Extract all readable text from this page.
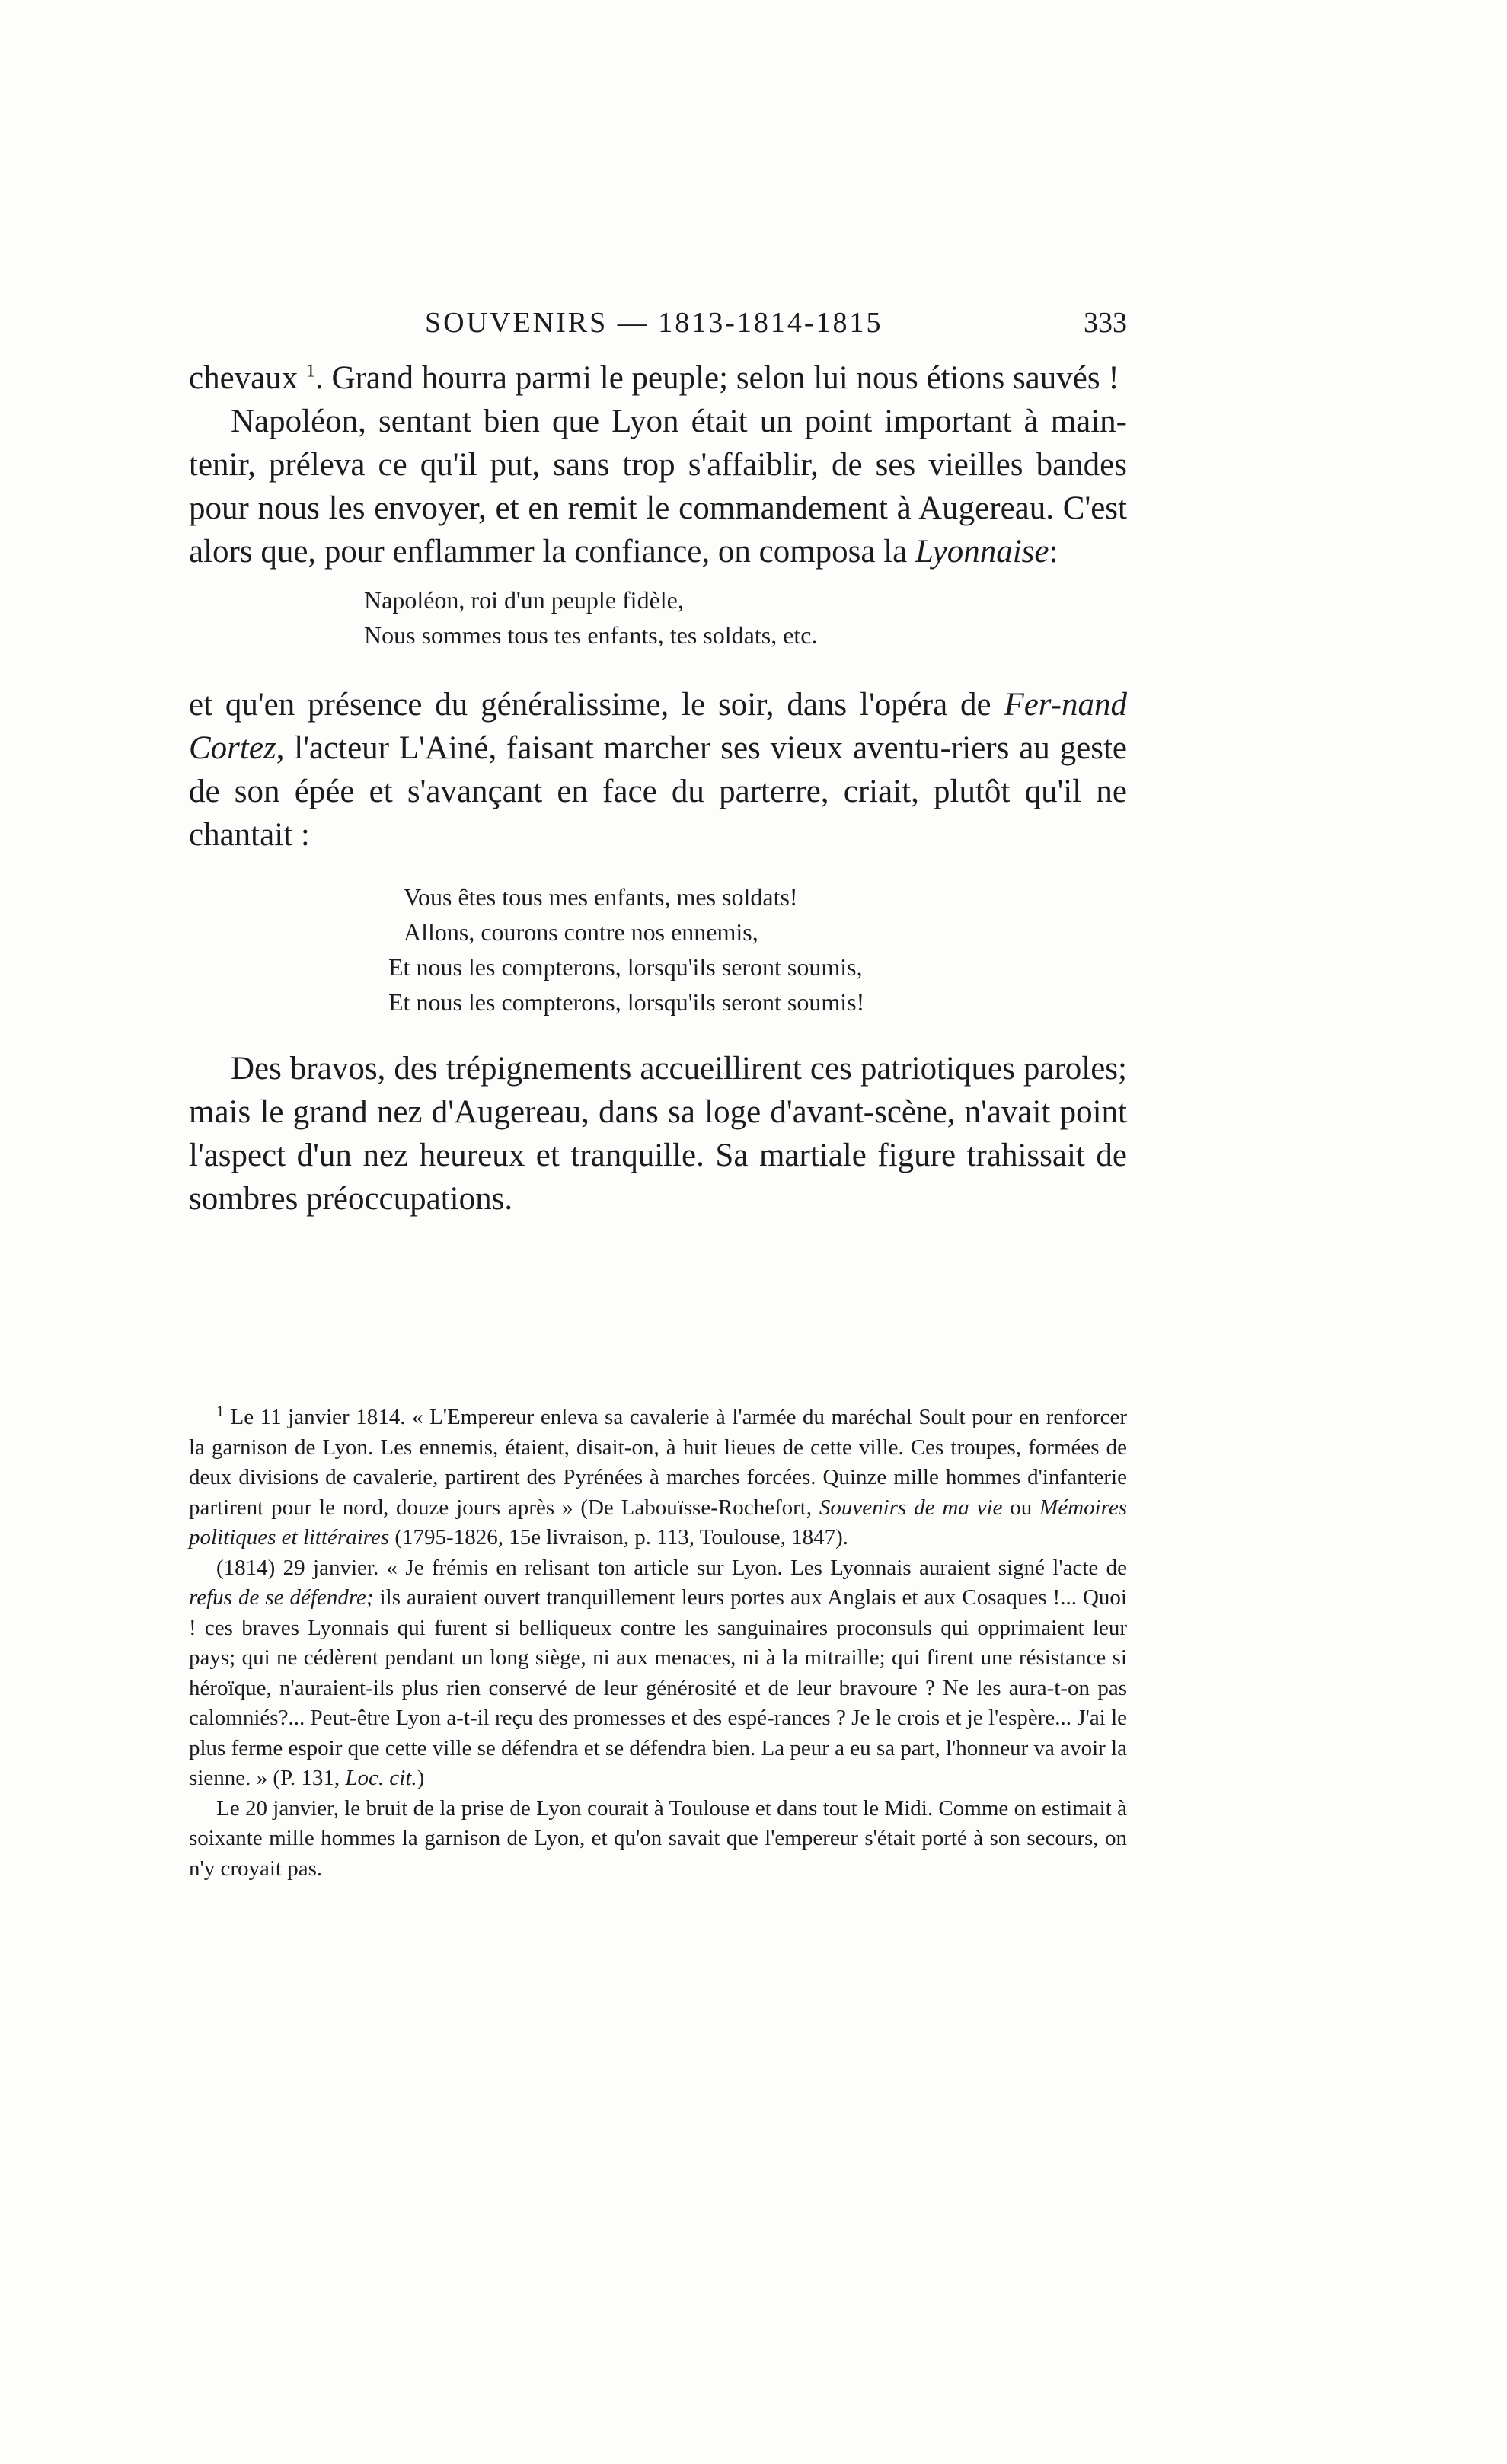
SOUVENIRS — 1813-1814-1815	333

chevaux $^1$. Grand hourra parmi le peuple; selon lui nous étions sauvés !

Napoléon, sentant bien que Lyon était un point important à main-tenir, préleva ce qu'il put, sans trop s'affaiblir, de ses vieilles bandes pour nous les envoyer, et en remit le commandement à Augereau. C'est alors que, pour enflammer la confiance, on composa la Lyonnaise:

Napoléon, roi d'un peuple fidèle,
Nous sommes tous tes enfants, tes soldats, etc.

et qu'en présence du généralissime, le soir, dans l'opéra de Fer-nand Cortez, l'acteur L'Ainé, faisant marcher ses vieux aventu-riers au geste de son épée et s'avançant en face du parterre, criait, plutôt qu'il ne chantait :

Vous êtes tous mes enfants, mes soldats!
Allons, courons contre nos ennemis,
Et nous les compterons, lorsqu'ils seront soumis,
Et nous les compterons, lorsqu'ils seront soumis!

Des bravos, des trépignements accueillirent ces patriotiques paroles; mais le grand nez d'Augereau, dans sa loge d'avant-scène, n'avait point l'aspect d'un nez heureux et tranquille. Sa martiale figure trahissait de sombres préoccupations.

$^1$ Le 11 janvier 1814. « L'Empereur enleva sa cavalerie à l'armée du maréchal Soult pour en renforcer la garnison de Lyon. Les ennemis, étaient, disait-on, à huit lieues de cette ville. Ces troupes, formées de deux divisions de cavalerie, partirent des Pyrénées à marches forcées. Quinze mille hommes d'infanterie partirent pour le nord, douze jours après » (De Labouïsse-Rochefort, Souvenirs de ma vie ou Mémoires politiques et littéraires (1795-1826, 15e livraison, p. 113, Toulouse, 1847).

(1814) 29 janvier. « Je frémis en relisant ton article sur Lyon. Les Lyonnais auraient signé l'acte de refus de se défendre; ils auraient ouvert tranquillement leurs portes aux Anglais et aux Cosaques !... Quoi ! ces braves Lyonnais qui furent si belliqueux contre les sanguinaires proconsuls qui opprimaient leur pays; qui ne cédèrent pendant un long siège, ni aux menaces, ni à la mitraille; qui firent une résistance si héroïque, n'auraient-ils plus rien conservé de leur générosité et de leur bravoure ? Ne les aura-t-on pas calomniés?... Peut-être Lyon a-t-il reçu des promesses et des espé-rances ? Je le crois et je l'espère... J'ai le plus ferme espoir que cette ville se défendra et se défendra bien. La peur a eu sa part, l'honneur va avoir la sienne. » (P. 131, Loc. cit.)

Le 20 janvier, le bruit de la prise de Lyon courait à Toulouse et dans tout le Midi. Comme on estimait à soixante mille hommes la garnison de Lyon, et qu'on savait que l'empereur s'était porté à son secours, on n'y croyait pas.
